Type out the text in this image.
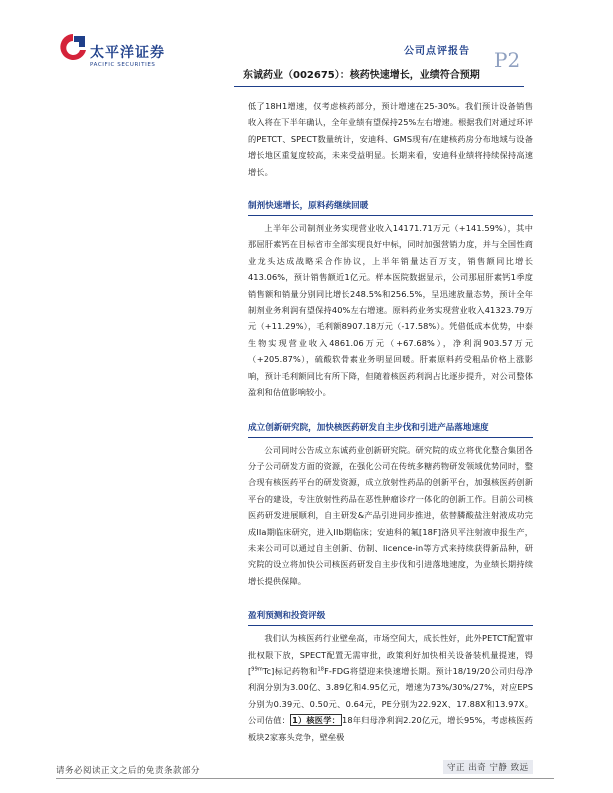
太平洋证券
PACIFIC SECURITIES
公司点评报告 P2
东诚药业（002675）：核药快速增长，业绩符合预期

低了18H1增速，仅考虑核药部分，预计增速在25-30%。我们预计设备销售收入将在下半年确认，全年业绩有望保持25%左右增速。根据我们对通过环评的PETCT、SPECT数量统计，安迪科、GMS现有/在建核药房分布地域与设备增长地区重复度较高，未来受益明显。长期来看，安迪科业绩将持续保持高速增长。

制剂快速增长，原料药继续回暖

上半年公司制剂业务实现营业收入14171.71万元（+141.59%），其中那屈肝素钙在目标省市全部实现良好中标，同时加强营销力度，并与全国性商业龙头达成战略采合作协议，上半年销量达百万支，销售额同比增长413.06%，预计销售额近1亿元。样本医院数据显示，公司那屈肝素钙1季度销售额和销量分别同比增长248.5%和256.5%，呈迅速放量态势，预计全年制剂业务利润有望保持40%左右增速。原料药业务实现营业收入41323.79万元（+11.29%），毛利额8907.18万元（-17.58%）。凭借低成本优势，中泰生物实现营业收入4861.06万元（+67.68%），净利润903.57万元（+205.87%），硫酸软骨素业务明显回暖。肝素原料药受粗品价格上涨影响，预计毛利额同比有所下降，但随着核医药利润占比逐步提升，对公司整体盈利和估值影响较小。

成立创新研究院，加快核医药研发自主步伐和引进产品落地速度

公司同时公告成立东诚药业创新研究院。研究院的成立将优化整合集团各分子公司研发方面的资源，在强化公司在传统多糖药物研发领域优势同时，整合现有核医药平台的研发资源，成立放射性药品的创新平台，加强核医药创新平台的建设，专注放射性药品在恶性肿瘤诊疗一体化的创新工作。目前公司核医药研发进展顺利，自主研发&产品引进同步推进，依替膦酸盐注射液成功完成IIa期临床研究，进入IIb期临床；安迪科的氟[18F]洛贝平注射液申报生产，未来公司可以通过自主创新、仿制、licence-in等方式来持续获得新品种，研究院的设立将加快公司核医药研发自主步伐和引进落地速度，为业绩长期持续增长提供保障。

盈利预测和投资评级

我们认为核医药行业壁垒高，市场空间大，成长性好，此外PETCT配置审批权限下放，SPECT配置无需审批，政策利好加快相关设备装机量提速，锝[$^{99m}$Tc]标记药物和$^{18}$F-FDG将望迎来快速增长期。预计18/19/20公司归母净利润分别为3.00亿、3.89亿和4.95亿元，增速为73%/30%/27%，对应EPS分别为0.39元、0.50元、0.64元，PE分别为22.92X、17.88X和13.97X。公司估值： 1）核医学： 18年归母净利润2.20亿元，增长95%，考虑核医药板块2家寡头竞争，壁垒极

请务必阅读正文之后的免责条款部分	守正 出奇 宁静 致远
